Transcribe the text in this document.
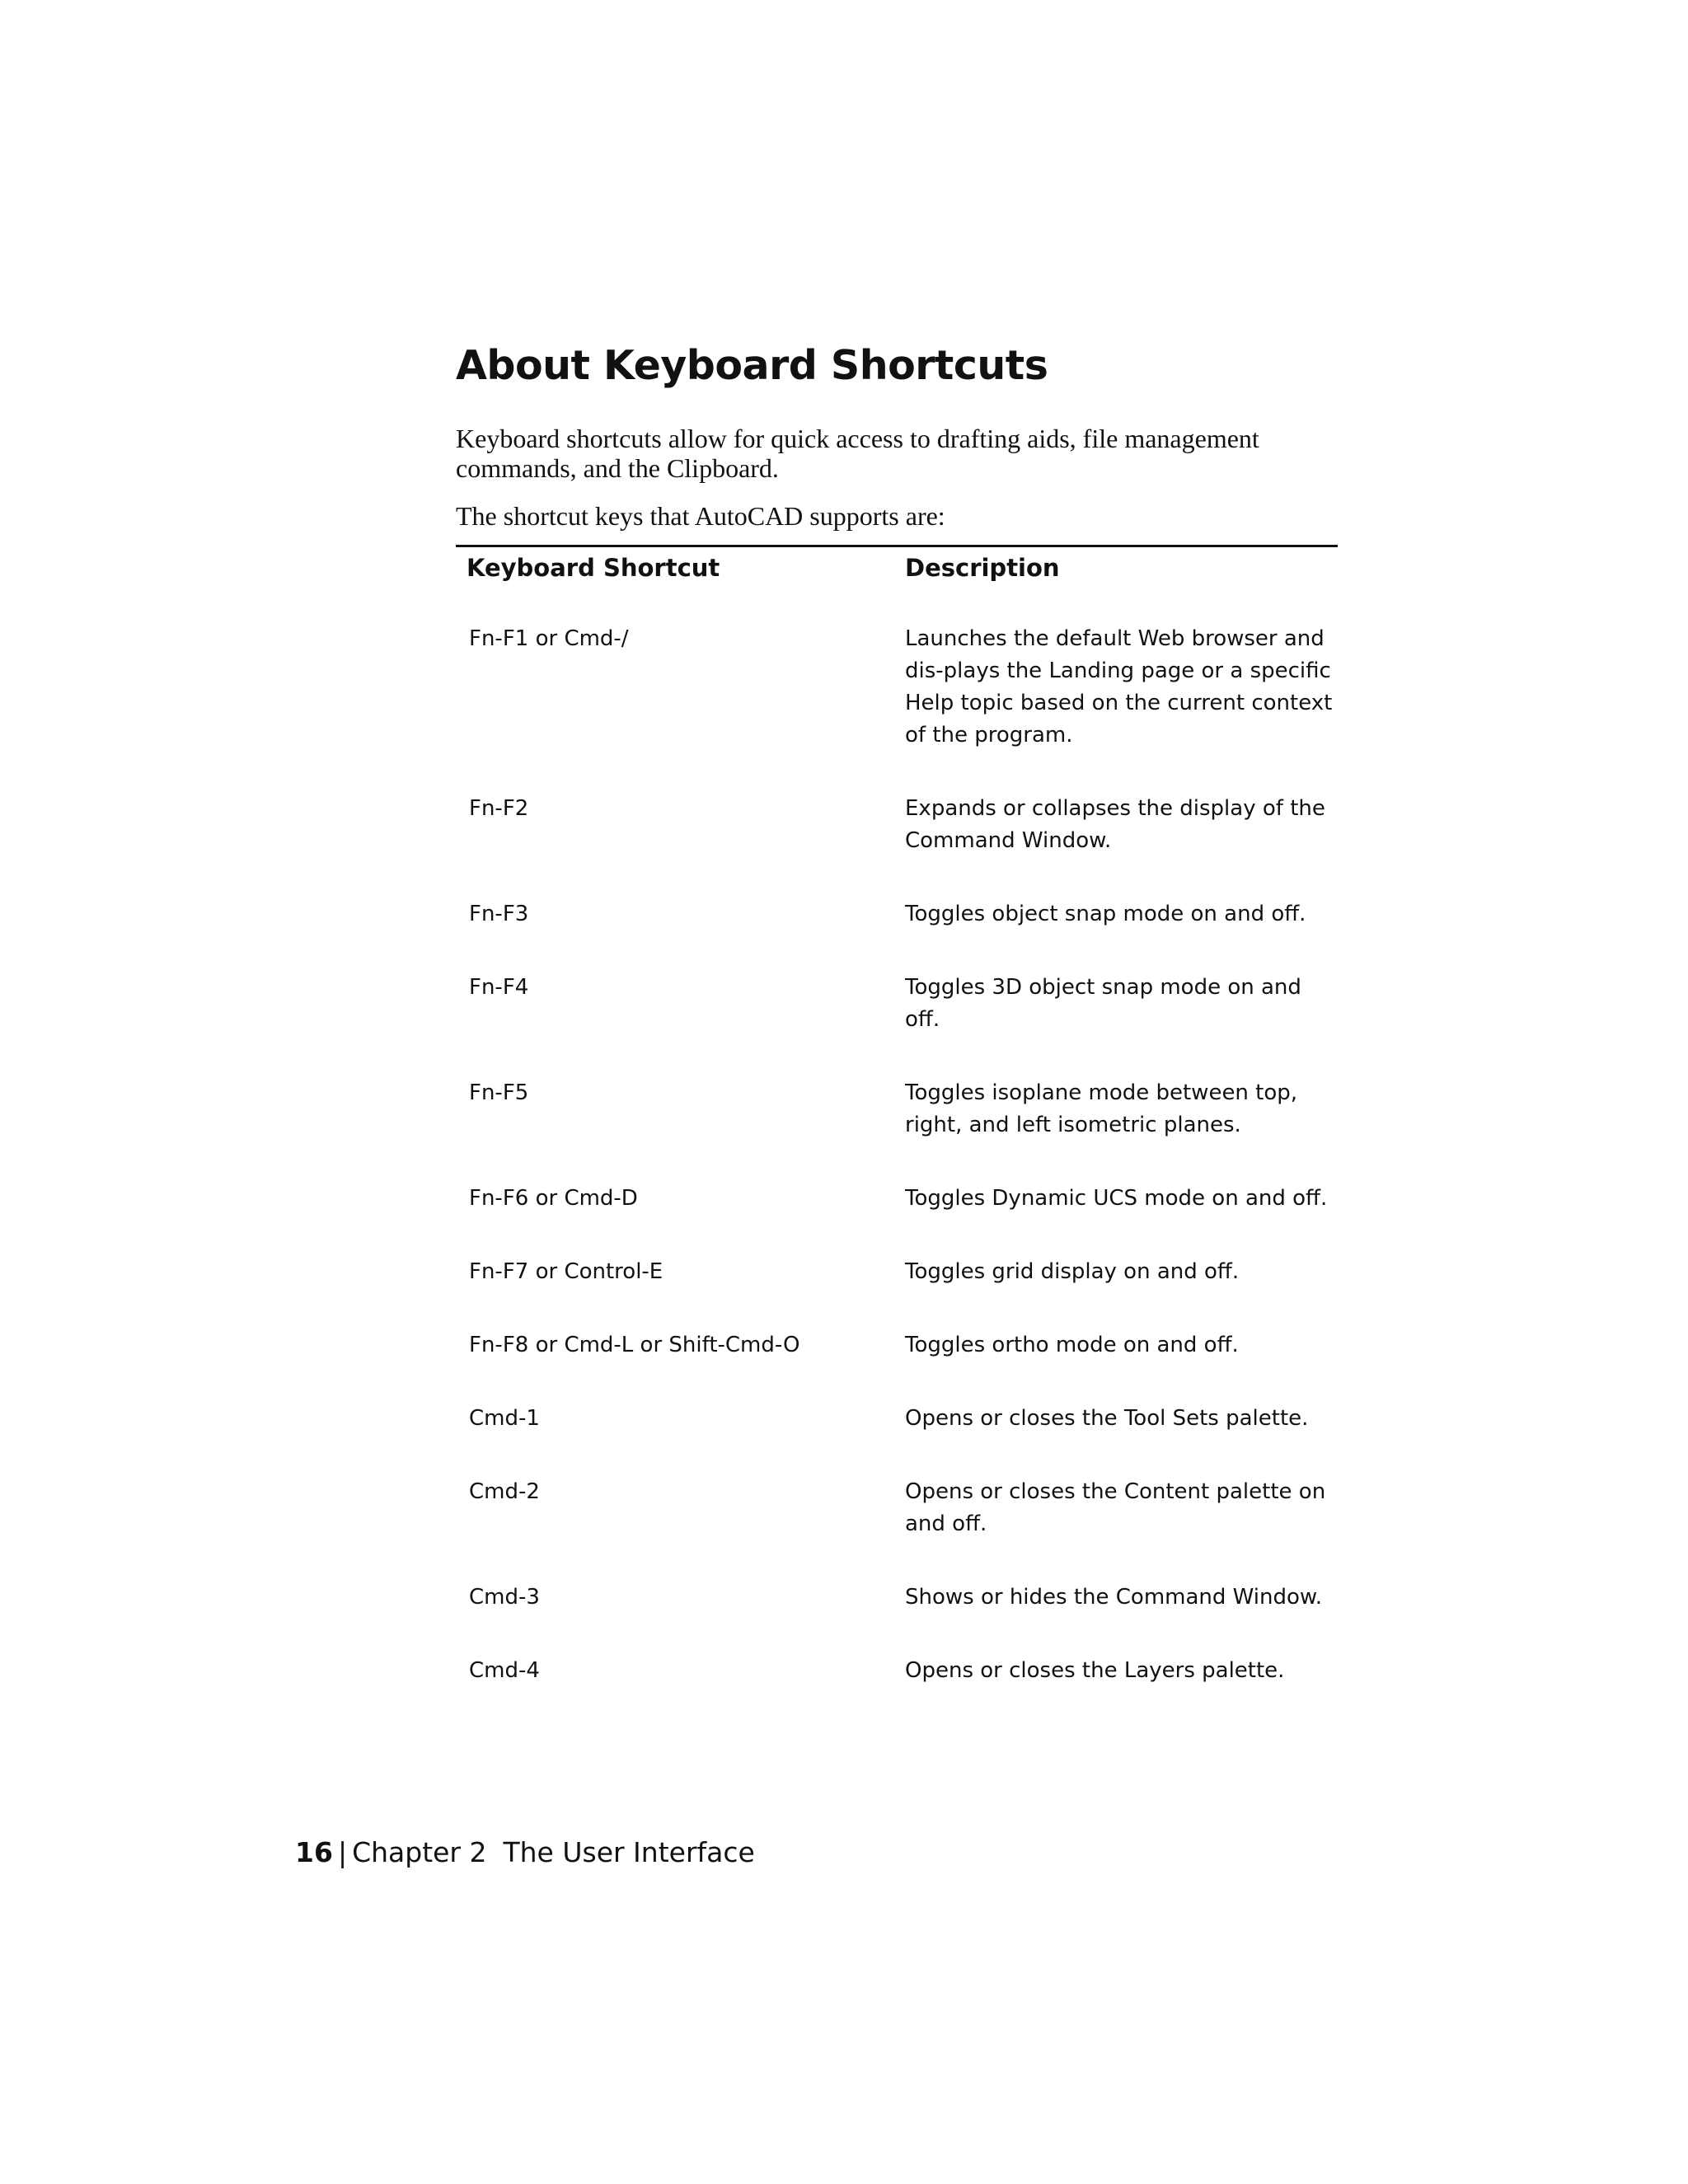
About Keyboard Shortcuts

Keyboard shortcuts allow for quick access to drafting aids, file management commands, and the Clipboard.

The shortcut keys that AutoCAD supports are:

Keyboard Shortcut	Description
Fn-F1 or Cmd-/	Launches the default Web browser and dis-plays the Landing page or a specific Help topic based on the current context of the program.
Fn-F2	Expands or collapses the display of the Command Window.
Fn-F3	Toggles object snap mode on and off.
Fn-F4	Toggles 3D object snap mode on and off.
Fn-F5	Toggles isoplane mode between top, right, and left isometric planes.
Fn-F6 or Cmd-D	Toggles Dynamic UCS mode on and off.
Fn-F7 or Control-E	Toggles grid display on and off.
Fn-F8 or Cmd-L or Shift-Cmd-O	Toggles ortho mode on and off.
Cmd-1	Opens or closes the Tool Sets palette.
Cmd-2	Opens or closes the Content palette on and off.
Cmd-3	Shows or hides the Command Window.
Cmd-4	Opens or closes the Layers palette.
16 | Chapter 2 The User Interface
